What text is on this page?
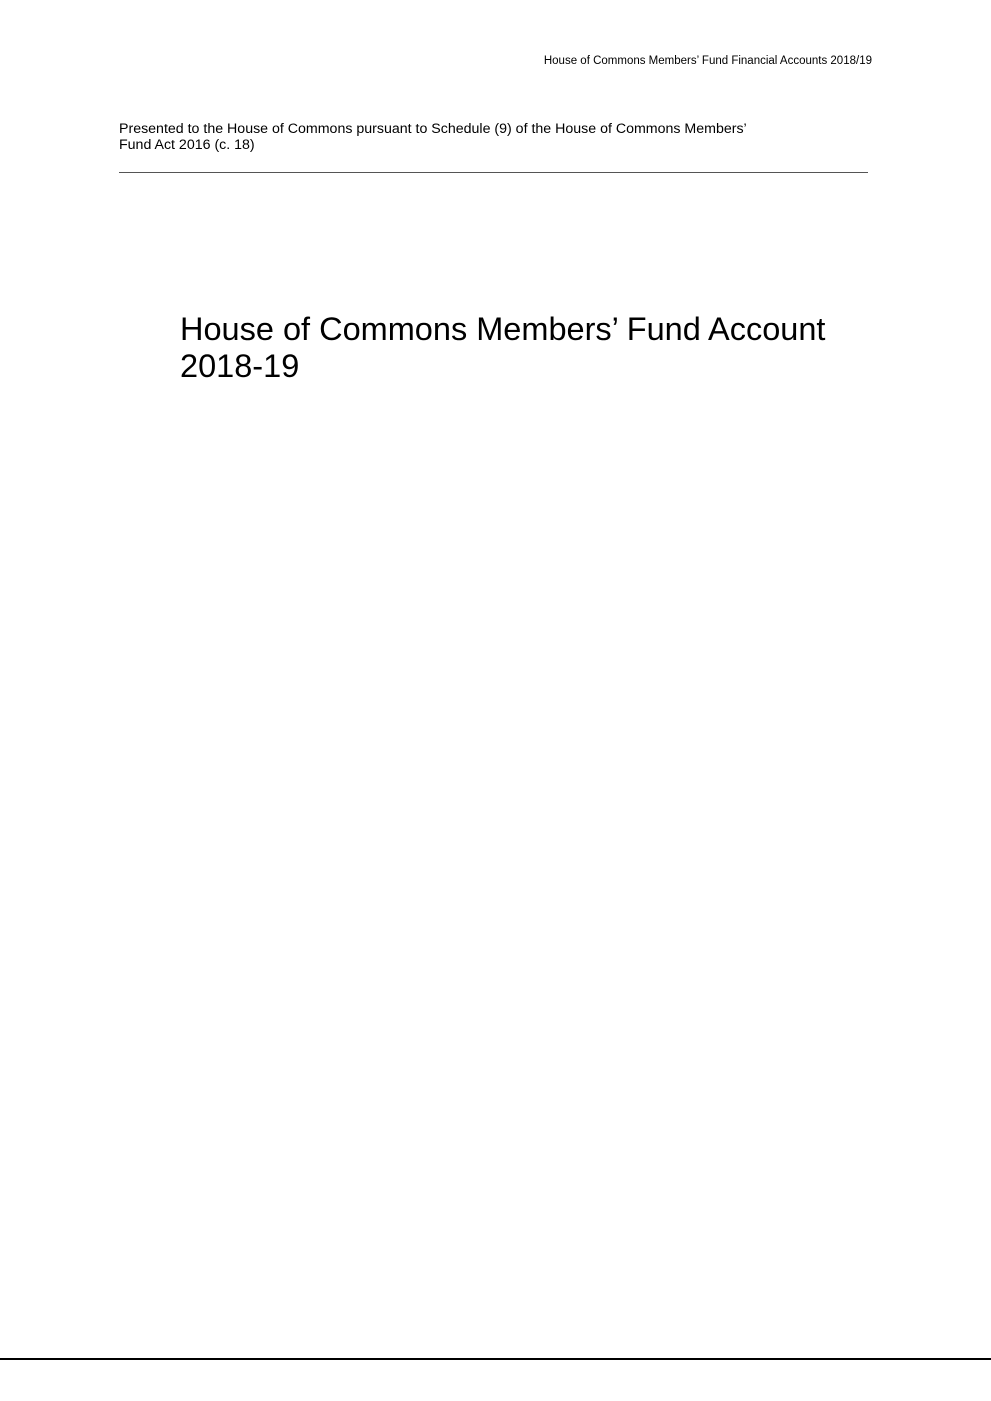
House of Commons Members’ Fund Financial Accounts 2018/19
Presented to the House of Commons pursuant to Schedule (9) of the House of Commons Members’
Fund Act 2016 (c. 18)
House of Commons Members’ Fund Account
2018-19
